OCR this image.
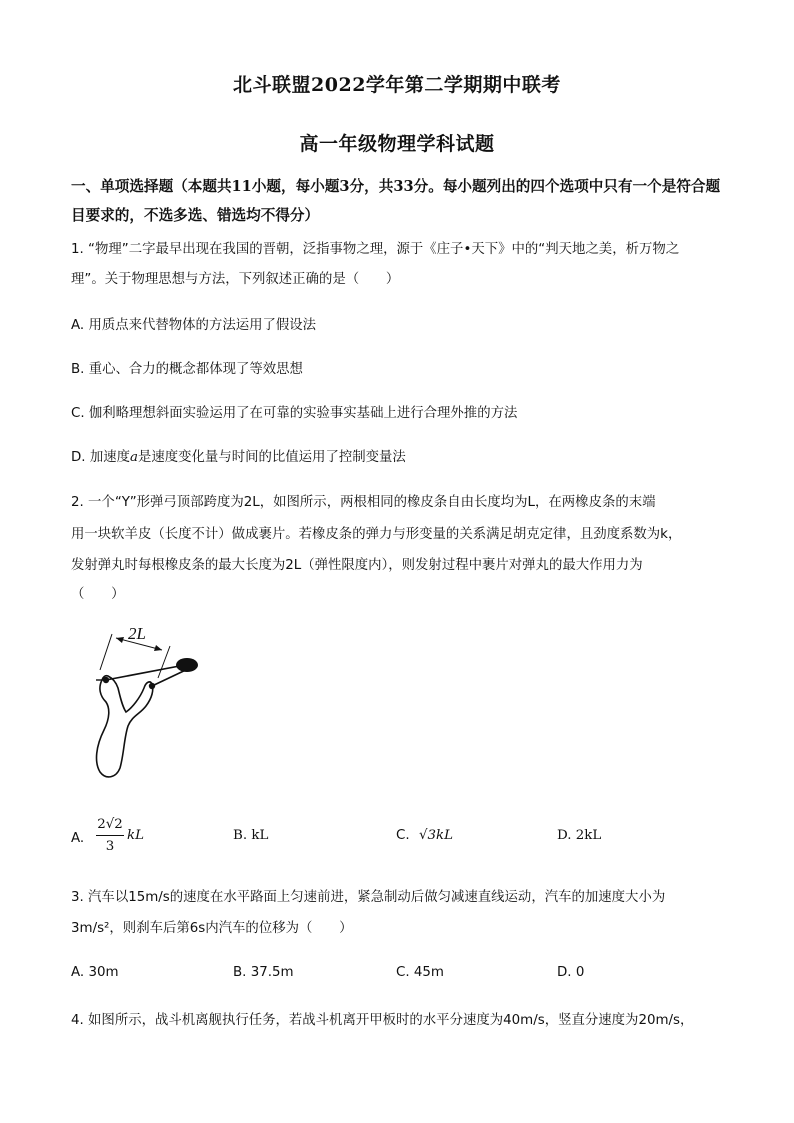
北斗联盟2022学年第二学期期中联考
高一年级物理学科试题
一、单项选择题（本题共11小题，每小题3分，共33分。每小题列出的四个选项中只有一个是符合题目要求的，不选多选、错选均不得分）
1. “物理”二字最早出现在我国的晋朝，泛指事物之理，源于《庄子•天下》中的“判天地之美，析万物之
理”。关于物理思想与方法，下列叙述正确的是（　　）
A. 用质点来代替物体的方法运用了假设法
B. 重心、合力的概念都体现了等效思想
C. 伽利略理想斜面实验运用了在可靠的实验事实基础上进行合理外推的方法
D. 加速度a是速度变化量与时间的比值运用了控制变量法
2. 一个“Y”形弹弓顶部跨度为2L，如图所示，两根相同的橡皮条自由长度均为L，在两橡皮条的末端
用一块软羊皮（长度不计）做成裹片。若橡皮条的弹力与形变量的关系满足胡克定律，且劲度系数为k，
发射弹丸时每根橡皮条的最大长度为2L（弹性限度内），则发射过程中裹片对弹丸的最大作用力为
（　　）
2L
A.
2√2
3
kL	B. kL	C. √3kL	D. 2kL
3. 汽车以15m/s的速度在水平路面上匀速前进，紧急制动后做匀减速直线运动，汽车的加速度大小为
3m/s²，则刹车后第6s内汽车的位移为（　　）
A. 30m	B. 37.5m	C. 45m	D. 0
4. 如图所示，战斗机离舰执行任务，若战斗机离开甲板时的水平分速度为40m/s，竖直分速度为20m/s，
